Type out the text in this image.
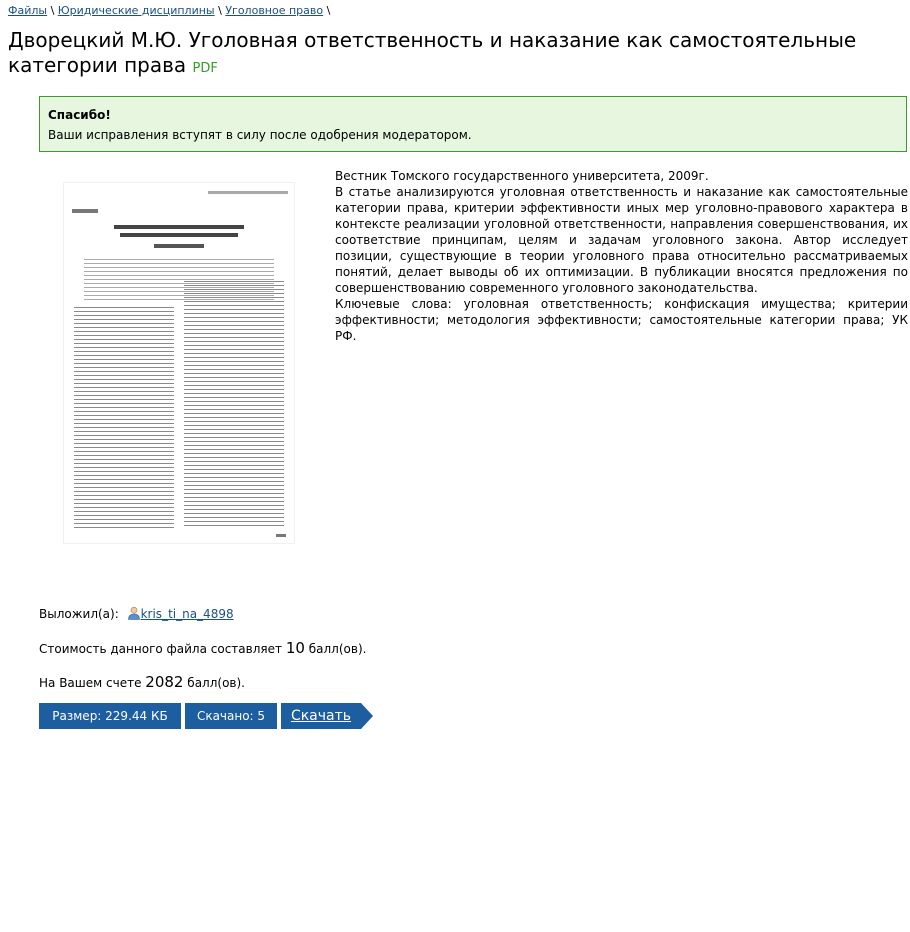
Файлы \ Юридические дисциплины \ Уголовное право \
Дворецкий М.Ю. Уголовная ответственность и наказание как самостоятельные категории права PDF
Спасибо!
Ваши исправления вступят в силу после одобрения модератором.

Вестник Томского государственного университета, 2009г.

В статье анализируются уголовная ответственность и наказание как самостоятельные категории права, критерии эффективности иных мер уголовно-правового характера в контексте реализации уголовной ответственности, направления совершенствования, их соответствие принципам, целям и задачам уголовного закона. Автор исследует позиции, существующие в теории уголовного права относительно рассматриваемых понятий, делает выводы об их оптимизации. В публикации вносятся предложения по совершенствованию современного уголовного законодательства.

Ключевые слова: уголовная ответственность; конфискация имущества; критерии эффективности; методология эффективности; самостоятельные категории права; УК РФ.

Выложил(а): kris_ti_na_4898
Стоимость данного файла составляет 10 балл(ов).
На Вашем счете 2082 балл(ов).
Размер: 229.44 КБ	Скачано: 5	Скачать
